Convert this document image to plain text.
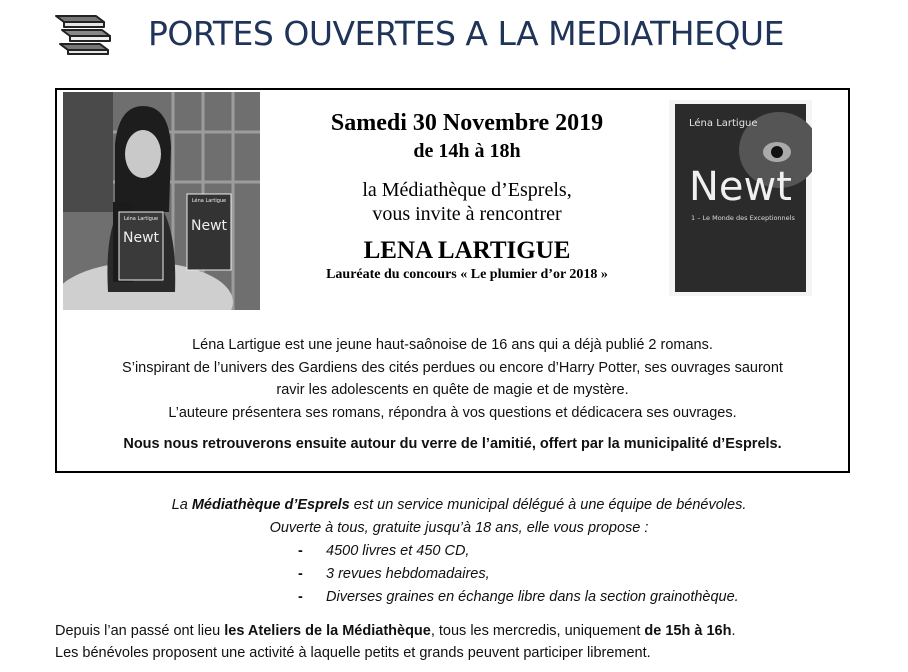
PORTES OUVERTES A LA MEDIATHEQUE
Newt
Léna Lartigue Newt
Léna Lartigue
Léna Lartigue
Newt
1 – Le Monde des Exceptionnels
Samedi 30 Novembre 2019
de 14h à 18h
la Médiathèque d’Esprels,
vous invite à rencontrer
LENA LARTIGUE
Lauréate du concours « Le plumier d’or 2018 »

Léna Lartigue est une jeune haut-saônoise de 16 ans qui a déjà publié 2 romans.

S’inspirant de l’univers des Gardiens des cités perdues ou encore d’Harry Potter, ses ouvrages sauront

ravir les adolescents en quête de magie et de mystère.

L’auteure présentera ses romans, répondra à vos questions et dédicacera ses ouvrages.

Nous nous retrouverons ensuite autour du verre de l’amitié, offert par la municipalité d’Esprels.

La Médiathèque d’Esprels est un service municipal délégué à une équipe de bénévoles.
Ouverte à tous, gratuite jusqu’à 18 ans, elle vous propose :
- 4500 livres et 450 CD,
- 3 revues hebdomadaires,
- Diverses graines en échange libre dans la section grainothèque.

Depuis l’an passé ont lieu les Ateliers de la Médiathèque, tous les mercredis, uniquement de 15h à 16h.

Les bénévoles proposent une activité à laquelle petits et grands peuvent participer librement.
